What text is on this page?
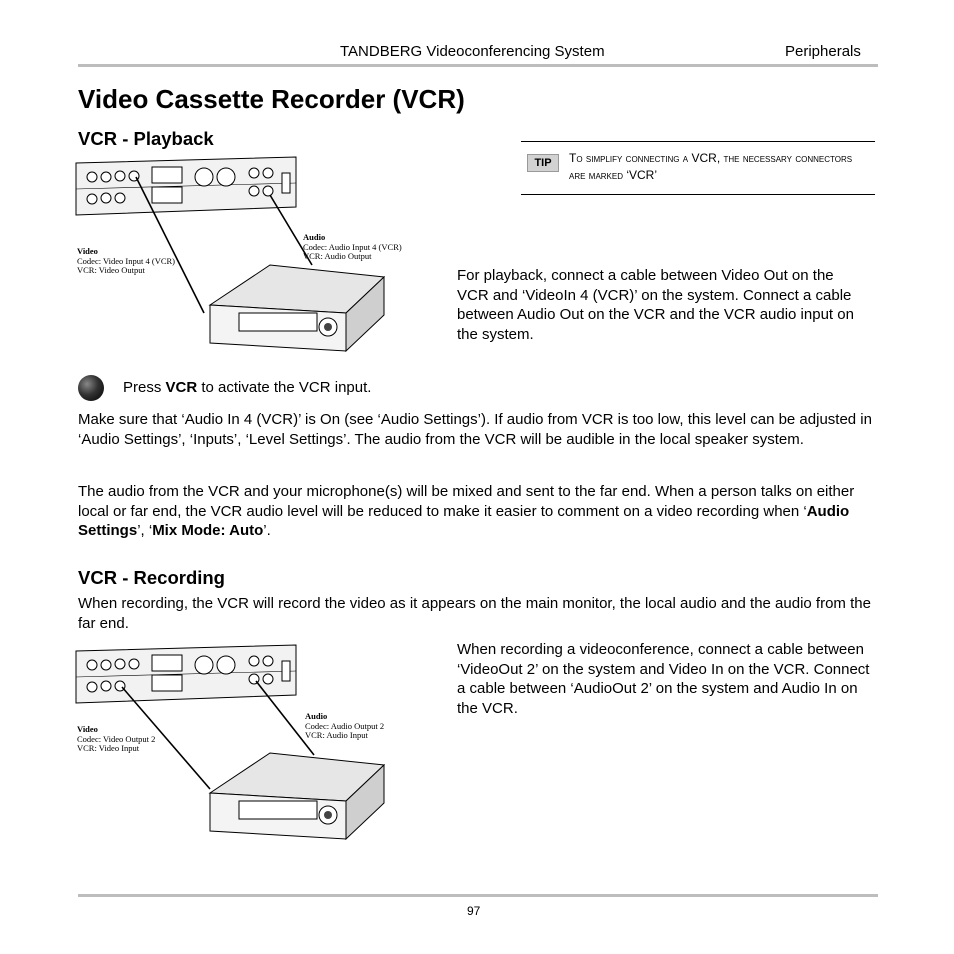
TANDBERG Videoconferencing System	Peripherals
Video Cassette Recorder (VCR)
VCR - Playback
TIP	To simplify connecting a VCR, the necessary connectors are marked ‘VCR’
Video
Codec: Video Input 4 (VCR)
VCR: Video Output
Audio
Codec: Audio Input 4 (VCR)
VCR: Audio Output
For playback, connect a cable between Video Out on the VCR and ‘VideoIn 4 (VCR)’ on the system. Connect a cable between Audio Out on the VCR and the VCR audio input on the system.
Press VCR to activate the VCR input.
Make sure that ‘Audio In 4 (VCR)’ is On (see ‘Audio Settings’). If audio from VCR is too low, this level can be adjusted in ‘Audio Settings’, ‘Inputs’, ‘Level Settings’. The audio from the VCR will be audible in the local speaker system.
The audio from the VCR and your microphone(s) will be mixed and sent to the far end. When a person talks on either local or far end, the VCR audio level will be reduced to make it easier to comment on a video recording when ‘Audio Settings’, ‘Mix Mode: Auto’.
VCR - Recording
When recording, the VCR will record the video as it appears on the main monitor, the local audio and the audio from the far end.
Video
Codec: Video Output 2
VCR: Video Input
Audio
Codec: Audio Output 2
VCR: Audio Input
When recording a videoconference, connect a cable between ‘VideoOut 2’ on the system and Video In on the VCR. Connect a cable between ‘AudioOut 2’ on the system and Audio In on the VCR.
97
